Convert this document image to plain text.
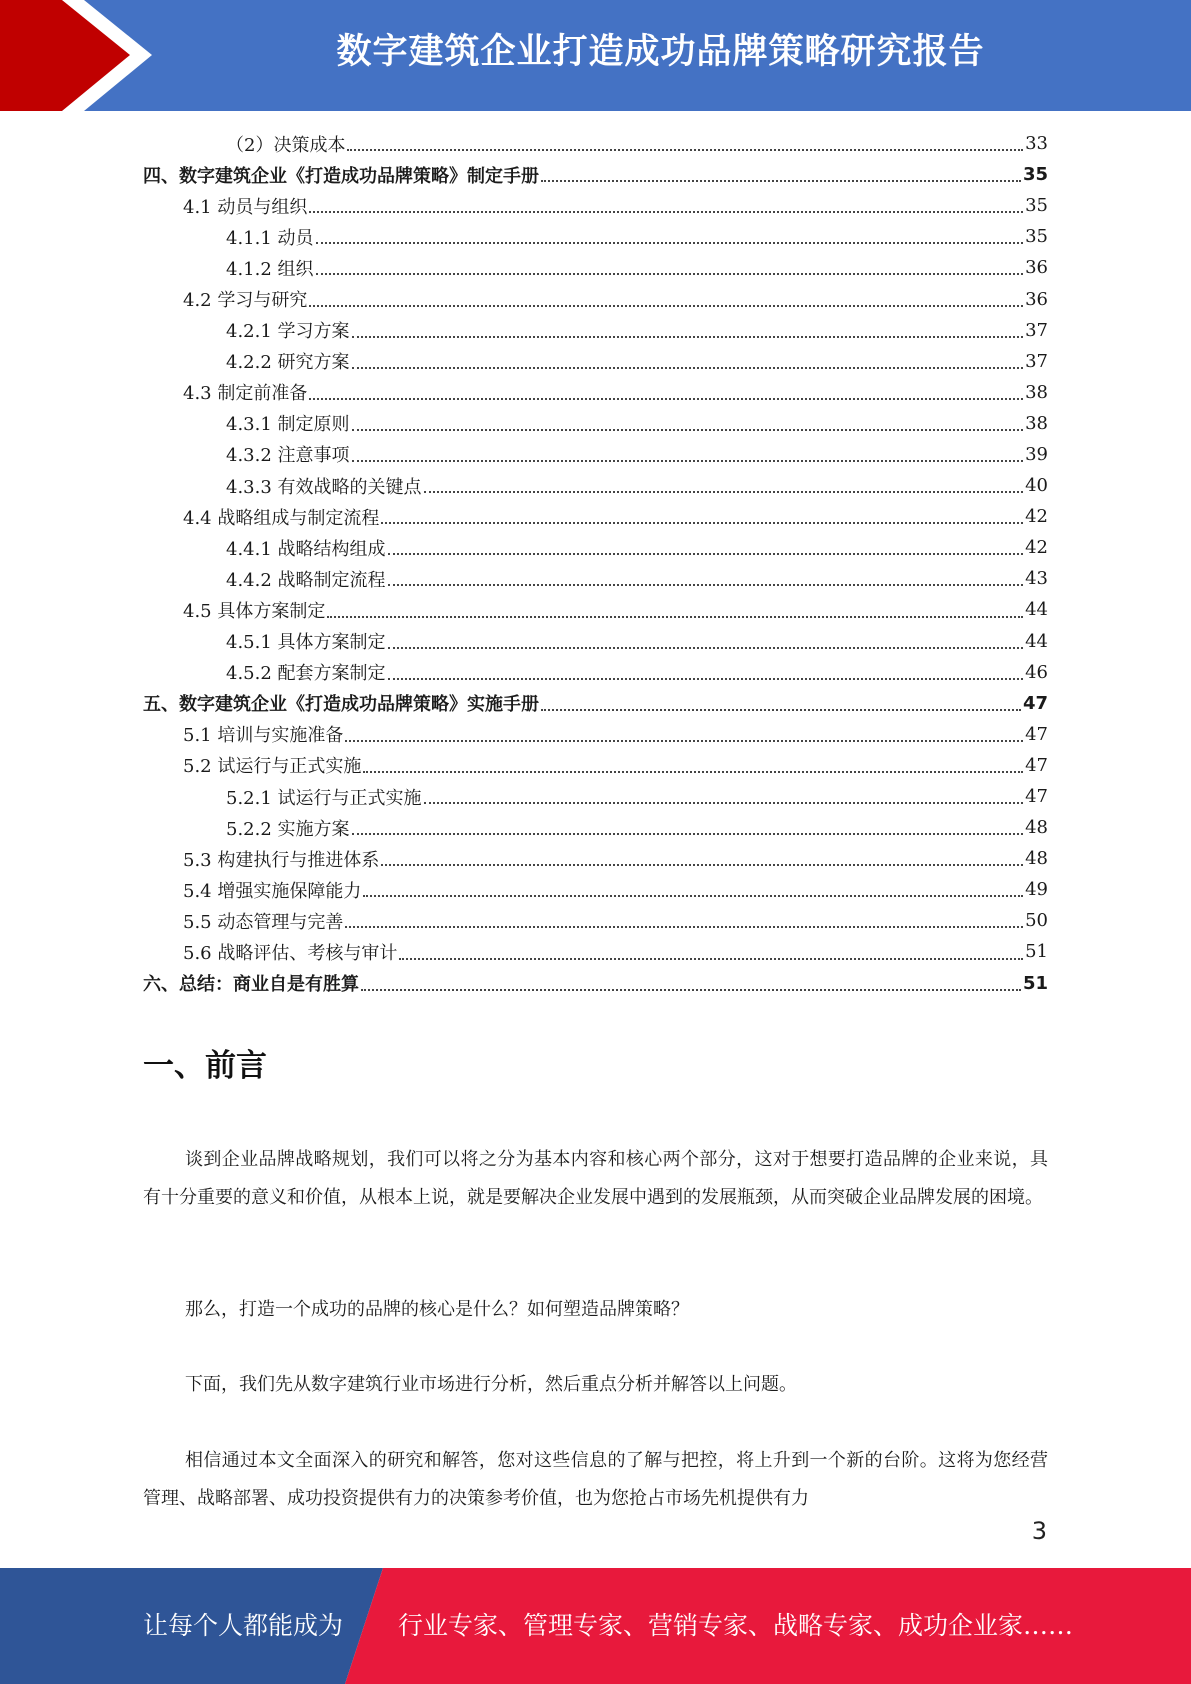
数字建筑企业打造成功品牌策略研究报告
（2）决策成本	33
四、数字建筑企业《打造成功品牌策略》制定手册	35
4.1 动员与组织	35
4.1.1 动员	35
4.1.2 组织	36
4.2 学习与研究	36
4.2.1 学习方案	37
4.2.2 研究方案	37
4.3 制定前准备	38
4.3.1 制定原则	38
4.3.2 注意事项	39
4.3.3 有效战略的关键点	40
4.4 战略组成与制定流程	42
4.4.1 战略结构组成	42
4.4.2 战略制定流程	43
4.5 具体方案制定	44
4.5.1 具体方案制定	44
4.5.2 配套方案制定	46
五、数字建筑企业《打造成功品牌策略》实施手册	47
5.1 培训与实施准备	47
5.2 试运行与正式实施	47
5.2.1 试运行与正式实施	47
5.2.2 实施方案	48
5.3 构建执行与推进体系	48
5.4 增强实施保障能力	49
5.5 动态管理与完善	50
5.6 战略评估、考核与审计	51
六、总结：商业自是有胜算	51
一、前言

谈到企业品牌战略规划，我们可以将之分为基本内容和核心两个部分，这对于想要打造品牌的企业来说，具有十分重要的意义和价值，从根本上说，就是要解决企业发展中遇到的发展瓶颈，从而突破企业品牌发展的困境。

那么，打造一个成功的品牌的核心是什么？如何塑造品牌策略？

下面，我们先从数字建筑行业市场进行分析，然后重点分析并解答以上问题。

相信通过本文全面深入的研究和解答，您对这些信息的了解与把控，将上升到一个新的台阶。这将为您经营管理、战略部署、成功投资提供有力的决策参考价值，也为您抢占市场先机提供有力

3
让每个人都能成为 行业专家、管理专家、营销专家、战略专家、成功企业家……
